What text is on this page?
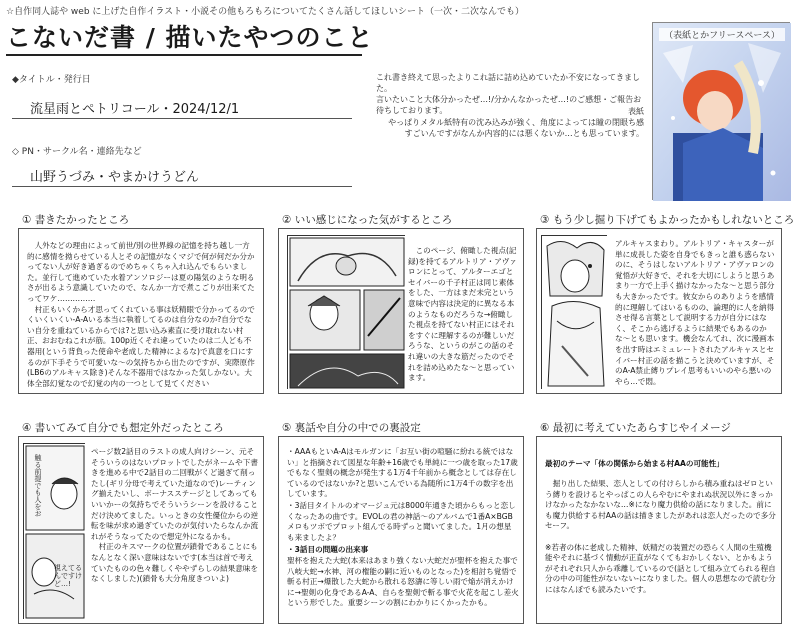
☆自作同人誌や web に上げた自作イラスト・小説その他もろもろについてたくさん話してほしいシート（一次・二次なんでも）
こないだ書 / 描いたやつのこと
◆タイトル・発行日
流星雨とペトリコール・2024/12/1
◇ PN・サークル名・連絡先など
山野うづみ・やまかけうどん
これ書き終えて思ったよりこれ話に詰め込めていたか不安になってきました。
言いたいこと大体分かったぜ…!/分かんなかったぜ…!のご感想・ご報告お待ちしております。	表紙
やっぱりメタル紙特有の沈み込みが強く、角度によっては瞳の閉眼ち感
すごいんですがなんか内容的には悪くないか…とも思っています。
（表紙とかフリースペース）
① 書きたかったところ
　人外などの理由によって前世/別の世界線の記憶を持ち越し一方的に感情を拗らせている人とその記憶がなくマジで何が何だか分かってない人が好き過ぎるのでめちゃくちゃ入れ込んでもらいました。並行して進めていた水着アンソロジーは夏の陽気のような明るさが出るよう意識していたので、なんか一方で煮こごりが出来てたってワケ……………
　村正もいくから才思ってくれている事は妖精眼で分かってるのでくいくいくい-A-Aいる本当に執着してるのは自分なのか?自分でない自分を重ねているからでは?と思い込み素直に受け取れない村正、おおむねこれが筋。100p近くそれ違っていたのは二人ども不器用(という背負った使命や老成した精神によるな)で真意を口にするのが下手そうで可愛いな〜の気持ちから出たのですが、実際原作(LB6のアルキャス除き)そんな不器用ではなかった気しかない。大体全部幻覚なので幻覚の内の一つとして見てください
② いい感じになった気がするところ
　このページ、俯瞰した視点(記録)を持てるアルトリア・アヴァロンにとって、アルターエゴとセイバーの千子村正は同じ素体をした、一方はまだ未完という意味で内容は決定的に異なる本のようなものだろうな→俯瞰した視点を持てない村正にはそれをすぐに理解するのが難しいだろうな、というのがこの話のそれ違いの大きな筋だったのでそれを詰め込めたな〜と思っています。
③ もう少し掘り下げてもよかったかもしれないところ
アルキャスまわり。アルトリア・キャスターが単に成長した姿を自身でもきっと誰も惑らないのに、そうはしないアルトリア・アヴァロンの覚悟が大好きで、それを大切にしようと思うあまり一方で上手く描けなかったな〜と思う部分も大きかったです。彼女からのありようを感情的に理解してはいるものの、論理的に人を納得させ得る言葉として説明する力が自分にはなく、そこから逃げるように結果でもあるのかな〜とも思います。機会なんてれ、次に漫画本を出す時はエミュレートされたアルキャスとセイバー村正の話を描こうと決めていますが、そのA-A禁止縛りプレイ思考もいいのやら悪いのやら…で悶。
④ 書いてみて自分でも想定外だったところ
触る前提でも人をお
視えてるんですけど…!
ページ数2話目のラストの成人向けシーン、元そそういうのはないプロットでしたがネームや下書きを進める中で2話目の二回戦がくど過ぎて削ったし(ギリ分母で考えていた道なので)レーティング揃えたいし、ボーナスステージとしてあってもいいかーの気持ちでそういうシーンを設けることだけ決めてました。いっときの女性優位からの逆転を味が求め過ぎていたのが気付いたらなんか流れがそうなってたので想定外になるかも。
　村正のキスマークの位置が鎖骨であることにもなんとなく深い意味はないです(本当は首で考えていたものの色々難しくややずらしの結果意味をなくしました)(鎖骨も大分角度きついよ)
⑤ 裏話や自分の中での裏設定
・AAAもといA-Aはモルガンに「お互い街の喧騒に紛れる統ではない」と指摘されて図星な年齢+16歳でも単純に一つ歳を取った17歳でもなく聖剣の概念が発生する1万4千年前から概念としては存在しているのではないか?と思いこんでいる為随所に1万4千の数字を出しています。
・3話目タイトルのオマージュ元は8000年通きた頃からもっと恋しくなったあの曲です。EVOLの君の神話〜のアルバムで1番A×BGBメロもツボでプロット組んでる時ずっと聞いてました。1月の想星も来ましたよ？
・3話目の問題の出来事
聖杯を抱えた大蛇(本来はあまり強くない大蛇だが聖杯を抱えた事で八岐大蛇→水神、河の権能の嗣に近いものとなった)を相討ち覚悟で斬る村正→爆散した大蛇から散れる怒濤に等しい雨で焔が消えかけに→聖剣の化身であるA-A、自らを聖剣で斬る事で火花を起こし差火　という形でした。重要シーンの割にわかりにくかったかも。
⑥ 最初に考えていたあらすじやイメージ
最初のテーマ「体の関係から始まる村AAの可能性」
　掘り出した結果、恋人としての付けらしから積み重ねはゼロという縛りを設けるとやっぱこの人らやむにやまれぬ状況以外にきっかけなかったなかないな…※になり魔力供給の話になりました。前にも魔力供給する村AAの話は描きましたがあれは恋人だったので多分セーフ。

※若者の体に老成した精神、妖精だの装置だの恐らく人間の生殖機能やそれに基づく情動が正直がなくてもおかしくない、とかもようがそれぞれ只人から乖離しているので(話として組み立てられる程自分の中の可能性がないない-になりました。個人の思想なので読む分にはなんぼでも読みたいです。
